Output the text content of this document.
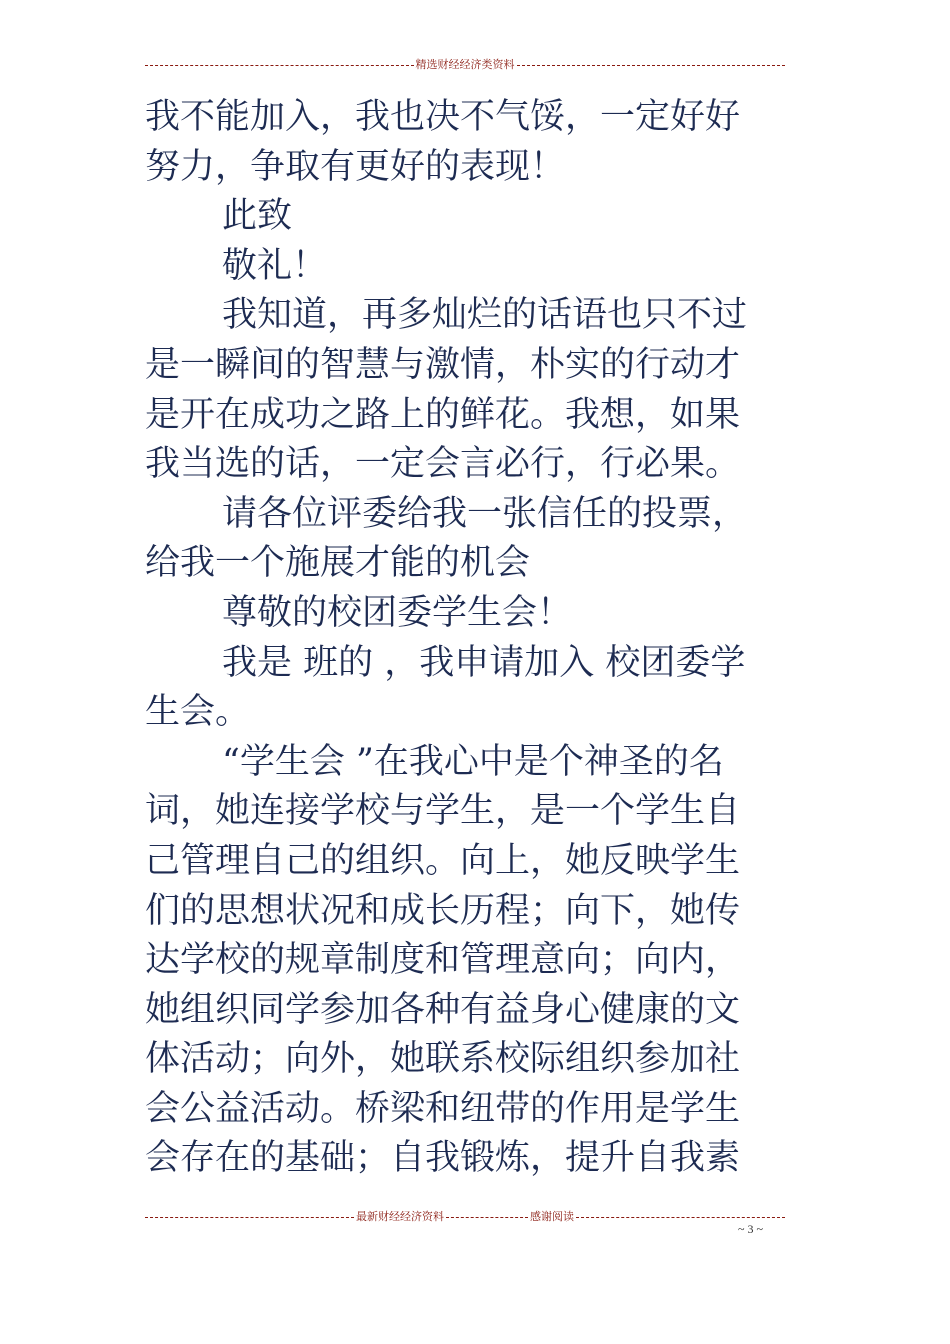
精选财经经济类资料

我不能加入，我也决不气馁，一定好好

努力，争取有更好的表现！

此致

敬礼！

我知道，再多灿烂的话语也只不过

是一瞬间的智慧与激情，朴实的行动才

是开在成功之路上的鲜花。我想，如果

我当选的话，一定会言必行，行必果。

请各位评委给我一张信任的投票，

给我一个施展才能的机会

尊敬的校团委学生会！

我是 班的 ，我申请加入 校团委学

生会。

“学生会 ”在我心中是个神圣的名

词，她连接学校与学生，是一个学生自

己管理自己的组织。向上，她反映学生

们的思想状况和成长历程；向下，她传

达学校的规章制度和管理意向；向内，

她组织同学参加各种有益身心健康的文

体活动；向外，她联系校际组织参加社

会公益活动。桥梁和纽带的作用是学生

会存在的基础；自我锻炼，提升自我素

最新财经经济资料	感谢阅读
~ 3 ~
